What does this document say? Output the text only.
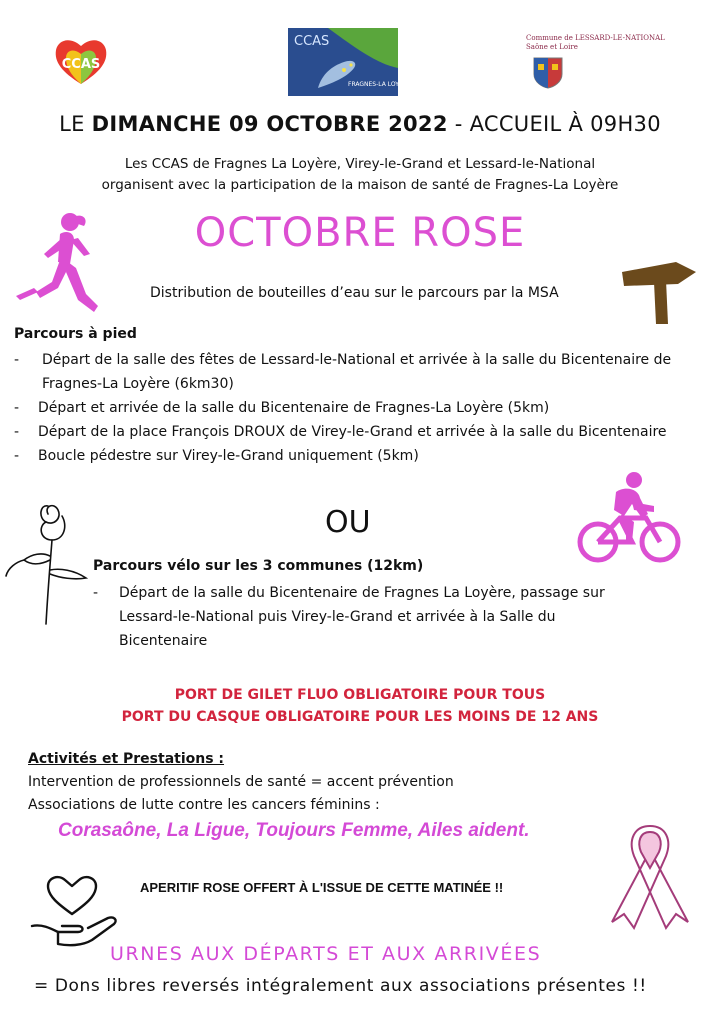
CCAS
CCAS
FRAGNES-LA LOYERE
Commune de LESSARD-LE-NATIONAL
Saône et Loire
LE DIMANCHE 09 OCTOBRE 2022 - ACCUEIL À 09H30
Les CCAS de Fragnes La Loyère, Virey-le-Grand et Lessard-le-National
organisent avec la participation de la maison de santé de Fragnes-La Loyère
OCTOBRE ROSE
Distribution de bouteilles d’eau sur le parcours par la MSA
Parcours à pied
- Départ de la salle des fêtes de Lessard-le-National et arrivée à la salle du Bicentenaire de
Fragnes-La Loyère (6km30)
- Départ et arrivée de la salle du Bicentenaire de Fragnes-La Loyère (5km)
- Départ de la place François DROUX de Virey-le-Grand et arrivée à la salle du Bicentenaire
- Boucle pédestre sur Virey-le-Grand uniquement (5km)
OU
Parcours vélo sur les 3 communes (12km)
- Départ de la salle du Bicentenaire de Fragnes La Loyère, passage sur
Lessard-le-National puis Virey-le-Grand et arrivée à la Salle du
Bicentenaire
PORT DE GILET FLUO OBLIGATOIRE POUR TOUS
PORT DU CASQUE OBLIGATOIRE POUR LES MOINS DE 12 ANS
Activités et Prestations :
Intervention de professionnels de santé = accent prévention
Associations de lutte contre les cancers féminins :
Corasaône, La Ligue, Toujours Femme, Ailes aident.
APERITIF ROSE OFFERT À L'ISSUE DE CETTE MATINÉE !!
URNES AUX DÉPARTS ET AUX ARRIVÉES
= Dons libres reversés intégralement aux associations présentes !!
